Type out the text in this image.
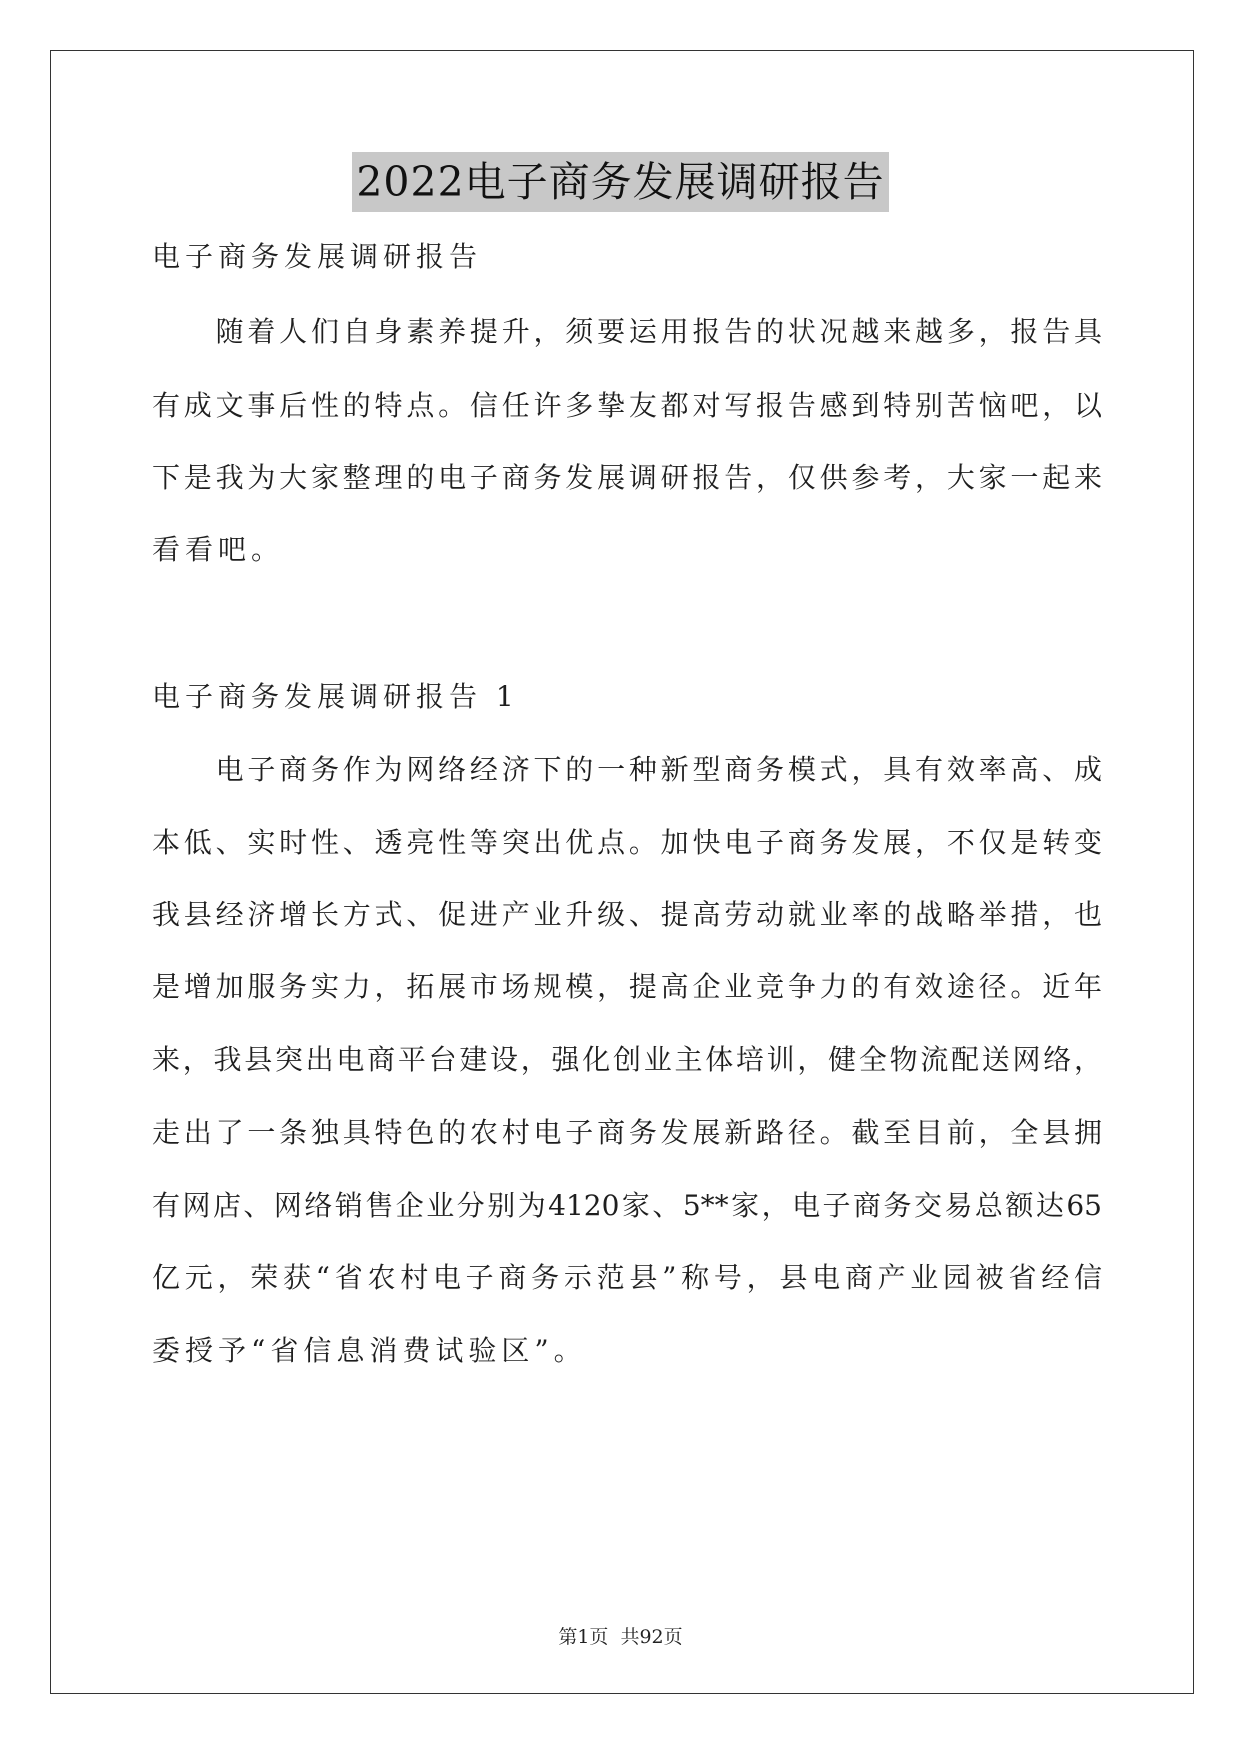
2022电子商务发展调研报告
电子商务发展调研报告
　　随着人们自身素养提升，须要运用报告的状况越来越多，报告具
有成文事后性的特点。信任许多挚友都对写报告感到特别苦恼吧，以
下是我为大家整理的电子商务发展调研报告，仅供参考，大家一起来
看看吧。
电子商务发展调研报告 1
　　电子商务作为网络经济下的一种新型商务模式，具有效率高、成
本低、实时性、透亮性等突出优点。加快电子商务发展，不仅是转变
我县经济增长方式、促进产业升级、提高劳动就业率的战略举措，也
是增加服务实力，拓展市场规模，提高企业竞争力的有效途径。近年
来，我县突出电商平台建设，强化创业主体培训，健全物流配送网络，
走出了一条独具特色的农村电子商务发展新路径。截至目前，全县拥
有网店、网络销售企业分别为4120家、5**家，电子商务交易总额达65
亿元，荣获“省农村电子商务示范县”称号，县电商产业园被省经信
委授予“省信息消费试验区”。
第1页 共92页
